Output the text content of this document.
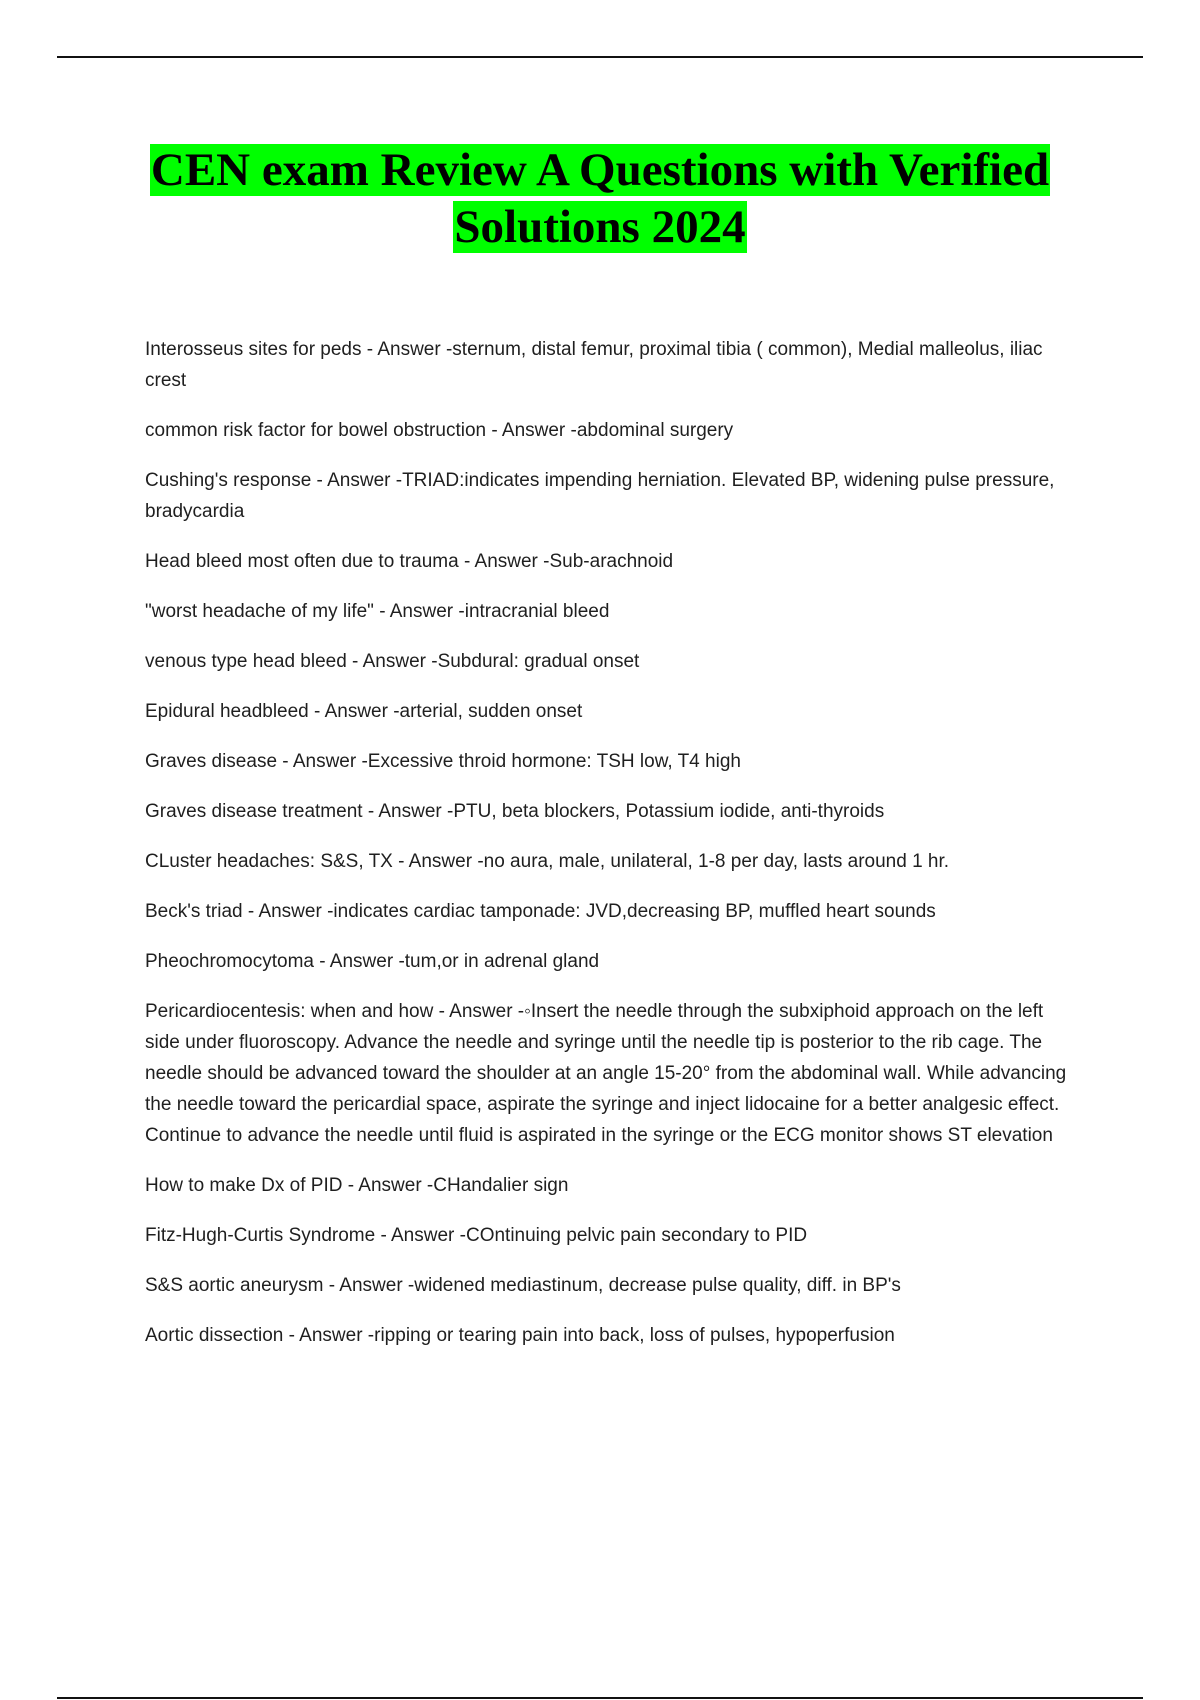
CEN exam Review A Questions with Verified
Solutions 2024
Interosseus sites for peds - Answer -sternum, distal femur, proximal tibia ( common), Medial malleolus, iliac crest
common risk factor for bowel obstruction - Answer -abdominal surgery
Cushing's response - Answer -TRIAD:indicates impending herniation. Elevated BP, widening pulse pressure, bradycardia
Head bleed most often due to trauma - Answer -Sub-arachnoid
"worst headache of my life" - Answer -intracranial bleed
venous type head bleed - Answer -Subdural: gradual onset
Epidural headbleed - Answer -arterial, sudden onset
Graves disease - Answer -Excessive throid hormone: TSH low, T4 high
Graves disease treatment - Answer -PTU, beta blockers, Potassium iodide, anti-thyroids
CLuster headaches: S&S, TX - Answer -no aura, male, unilateral, 1-8 per day, lasts around 1 hr.
Beck's triad - Answer -indicates cardiac tamponade: JVD,decreasing BP, muffled heart sounds
Pheochromocytoma - Answer -tum,or in adrenal gland
Pericardiocentesis: when and how - Answer -◦Insert the needle through the subxiphoid approach on the left side under fluoroscopy. Advance the needle and syringe until the needle tip is posterior to the rib cage. The needle should be advanced toward the shoulder at an angle 15-20° from the abdominal wall. While advancing the needle toward the pericardial space, aspirate the syringe and inject lidocaine for a better analgesic effect. Continue to advance the needle until fluid is aspirated in the syringe or the ECG monitor shows ST elevation
How to make Dx of PID - Answer -CHandalier sign
Fitz-Hugh-Curtis Syndrome - Answer -COntinuing pelvic pain secondary to PID
S&S aortic aneurysm - Answer -widened mediastinum, decrease pulse quality, diff. in BP's
Aortic dissection - Answer -ripping or tearing pain into back, loss of pulses, hypoperfusion
